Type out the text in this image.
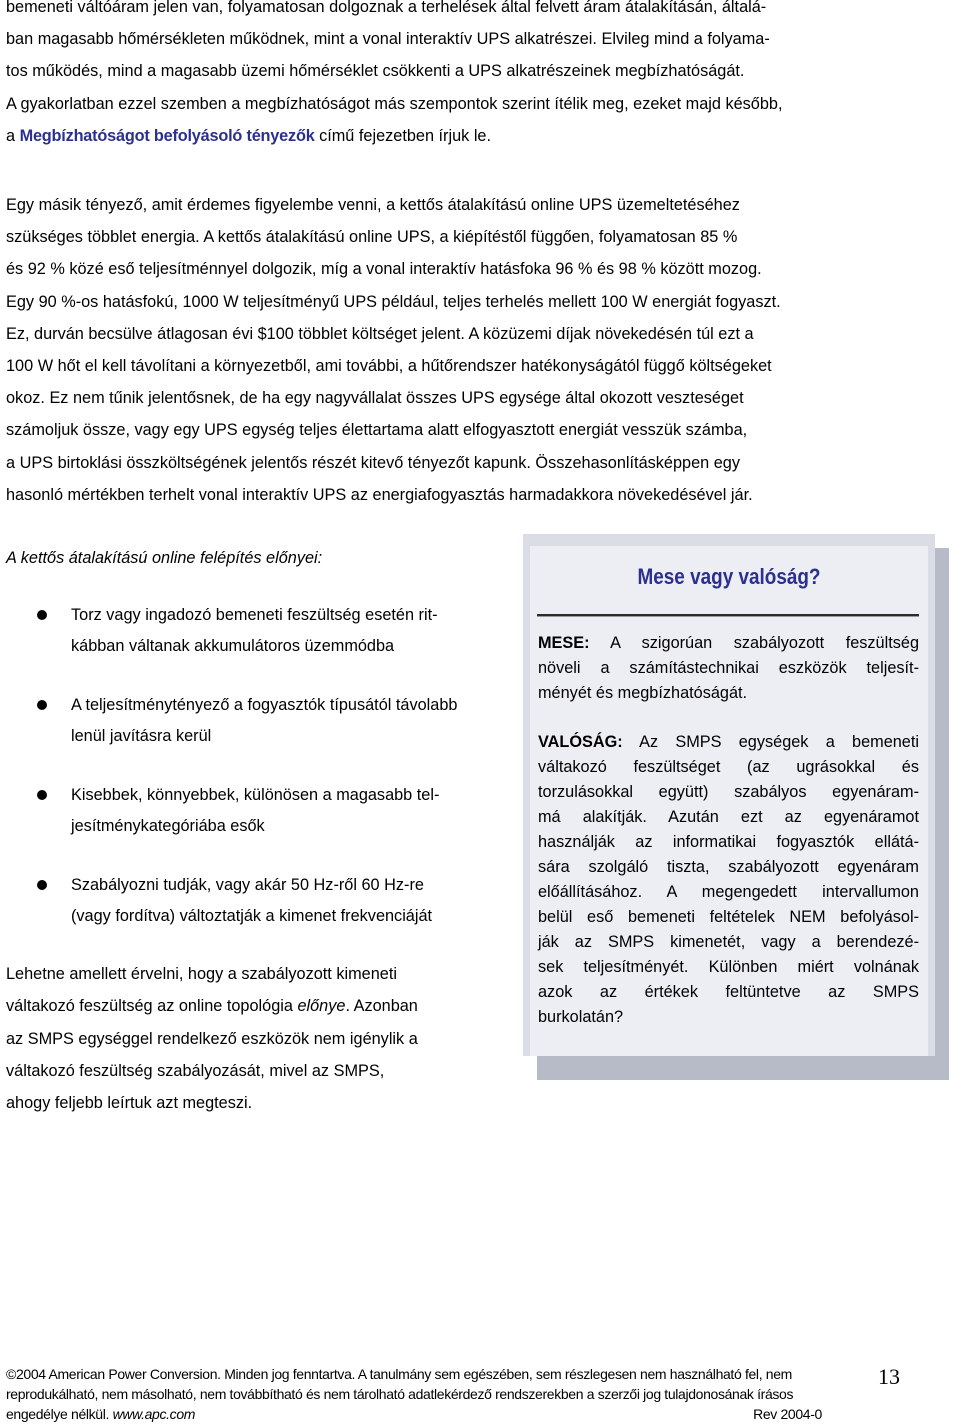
bemeneti váltóáram jelen van, folyamatosan dolgoznak a terhelések által felvett áram átalakításán, általá-
ban magasabb hőmérsékleten működnek, mint a vonal interaktív UPS alkatrészei. Elvileg mind a folyama-
tos működés, mind a magasabb üzemi hőmérséklet csökkenti a UPS alkatrészeinek megbízhatóságát.
A gyakorlatban ezzel szemben a megbízhatóságot más szempontok szerint ítélik meg, ezeket majd később,
a Megbízhatóságot befolyásoló tényezők című fejezetben írjuk le.
Egy másik tényező, amit érdemes figyelembe venni, a kettős átalakítású online UPS üzemeltetéséhez
szükséges többlet energia. A kettős átalakítású online UPS, a kiépítéstől függően, folyamatosan 85 %
és 92 % közé eső teljesítménnyel dolgozik, míg a vonal interaktív hatásfoka 96 % és 98 % között mozog.
Egy 90 %-os hatásfokú, 1000 W teljesítményű UPS például, teljes terhelés mellett 100 W energiát fogyaszt.
Ez, durván becsülve átlagosan évi $100 többlet költséget jelent. A közüzemi díjak növekedésén túl ezt a
100 W hőt el kell távolítani a környezetből, ami további, a hűtőrendszer hatékonyságától függő költségeket
okoz. Ez nem tűnik jelentősnek, de ha egy nagyvállalat összes UPS egysége által okozott veszteséget
számoljuk össze, vagy egy UPS egység teljes élettartama alatt elfogyasztott energiát vesszük számba,
a UPS birtoklási összköltségének jelentős részét kitevő tényezőt kapunk. Összehasonlításképpen egy
hasonló mértékben terhelt vonal interaktív UPS az energiafogyasztás harmadakkora növekedésével jár.
A kettős átalakítású online felépítés előnyei:
Torz vagy ingadozó bemeneti feszültség esetén rit-
kábban váltanak akkumulátoros üzemmódba
A teljesítménytényező a fogyasztók típusától távolabb
lenül javításra kerül
Kisebbek, könnyebbek, különösen a magasabb tel-
jesítménykategóriába esők
Szabályozni tudják, vagy akár 50 Hz-ről 60 Hz-re
(vagy fordítva) változtatják a kimenet frekvenciáját
Lehetne amellett érvelni, hogy a szabályozott kimeneti
váltakozó feszültség az online topológia előnye. Azonban
az SMPS egységgel rendelkező eszközök nem igénylik a
váltakozó feszültség szabályozását, mivel az SMPS,
ahogy feljebb leírtuk azt megteszi.
Mese vagy valóság?
MESE: A szigorúan szabályozott feszültség
növeli a számítástechnikai eszközök teljesít-
ményét és megbízhatóságát.
VALÓSÁG: Az SMPS egységek a bemeneti
váltakozó feszültséget (az ugrásokkal és
torzulásokkal együtt) szabályos egyenáram-
má alakítják. Azután ezt az egyenáramot
használják az informatikai fogyasztók ellátá-
sára szolgáló tiszta, szabályozott egyenáram
előállításához. A megengedett intervallumon
belül eső bemeneti feltételek NEM befolyásol-
ják az SMPS kimenetét, vagy a berendezé-
sek teljesítményét. Különben miért volnának
azok az értékek feltüntetve az SMPS
burkolatán?
©2004 American Power Conversion. Minden jog fenntartva. A tanulmány sem egészében, sem részlegesen nem használható fel, nem
reprodukálható, nem másolható, nem továbbítható és nem tárolható adatlekérdező rendszerekben a szerzői jog tulajdonosának írásos
engedélye nélkül. www.apc.com	Rev 2004-0
13
